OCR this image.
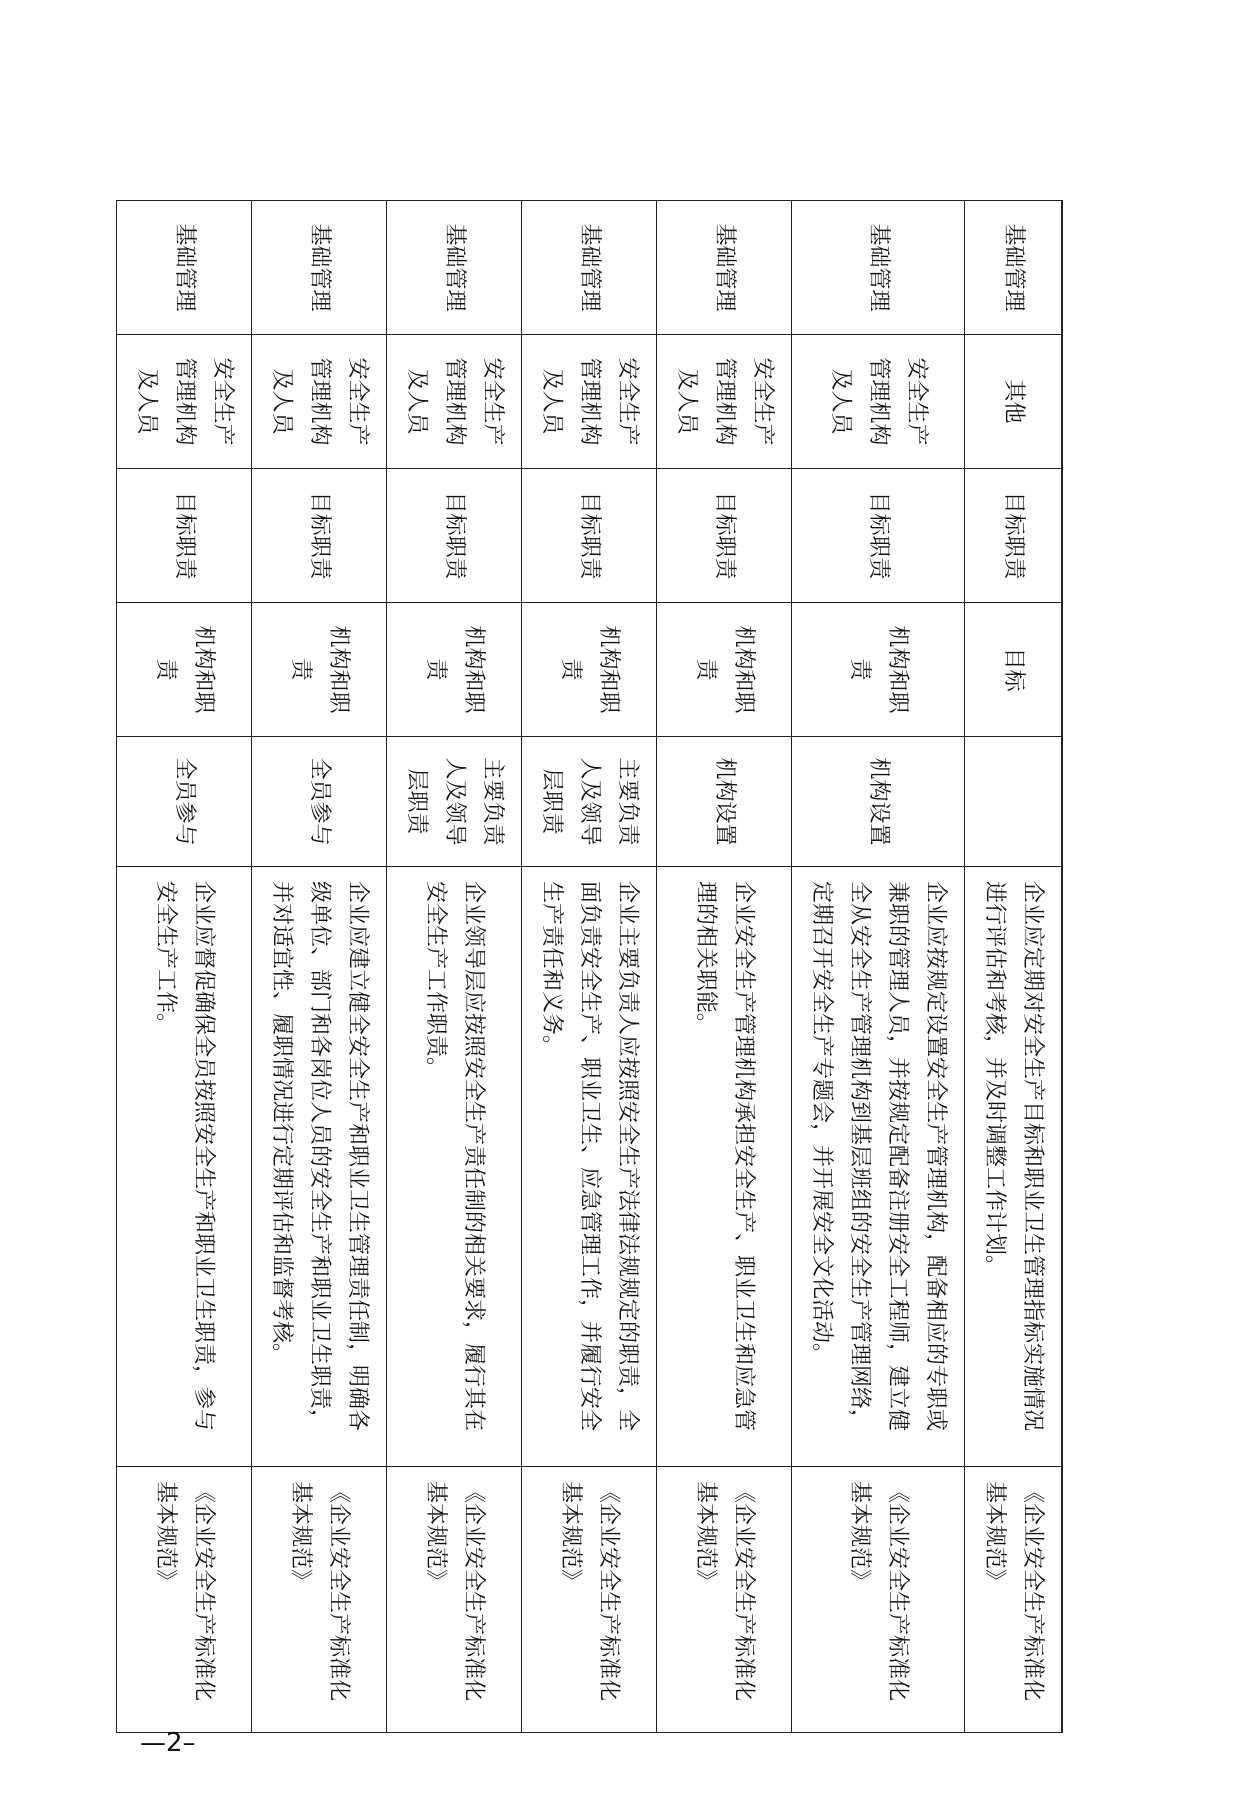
基础管理	其他	目标职责	目标		企业应定期对安全生产目标和职业卫生管理指标实施情况进行评估和考核，并及时调整工作计划。	《企业安全生产标准化基本规范》
基础管理	安全生产管理机构及人员	目标职责	机构和职责	机构设置	企业应按规定设置安全生产管理机构，配备相应的专职或兼职的管理人员，并按规定配备注册安全工程师，建立健全从安全生产管理机构到基层班组的安全生产管理网络，定期召开安全生产专题会，并开展安全文化活动。	《企业安全生产标准化基本规范》
基础管理	安全生产管理机构及人员	目标职责	机构和职责	机构设置	企业安全生产管理机构承担安全生产、职业卫生和应急管理的相关职能。	《企业安全生产标准化基本规范》
基础管理	安全生产管理机构及人员	目标职责	机构和职责	主要负责人及领导层职责	企业主要负责人应按照安全生产法律法规规定的职责，全面负责安全生产、职业卫生、应急管理工作，并履行安全生产责任和义务。	《企业安全生产标准化基本规范》
基础管理	安全生产管理机构及人员	目标职责	机构和职责	主要负责人及领导层职责	企业领导层应按照安全生产责任制的相关要求，履行其在安全生产工作职责。	《企业安全生产标准化基本规范》
基础管理	安全生产管理机构及人员	目标职责	机构和职责	全员参与	企业应建立健全安全生产和职业卫生管理责任制，明确各级单位、部门和各岗位人员的安全生产和职业卫生职责，并对适宜性、履职情况进行定期评估和监督考核。	《企业安全生产标准化基本规范》
基础管理	安全生产管理机构及人员	目标职责	机构和职责	全员参与	企业应督促确保全员按照安全生产和职业卫生职责，参与安全生产工作。	《企业安全生产标准化基本规范》
—2–
